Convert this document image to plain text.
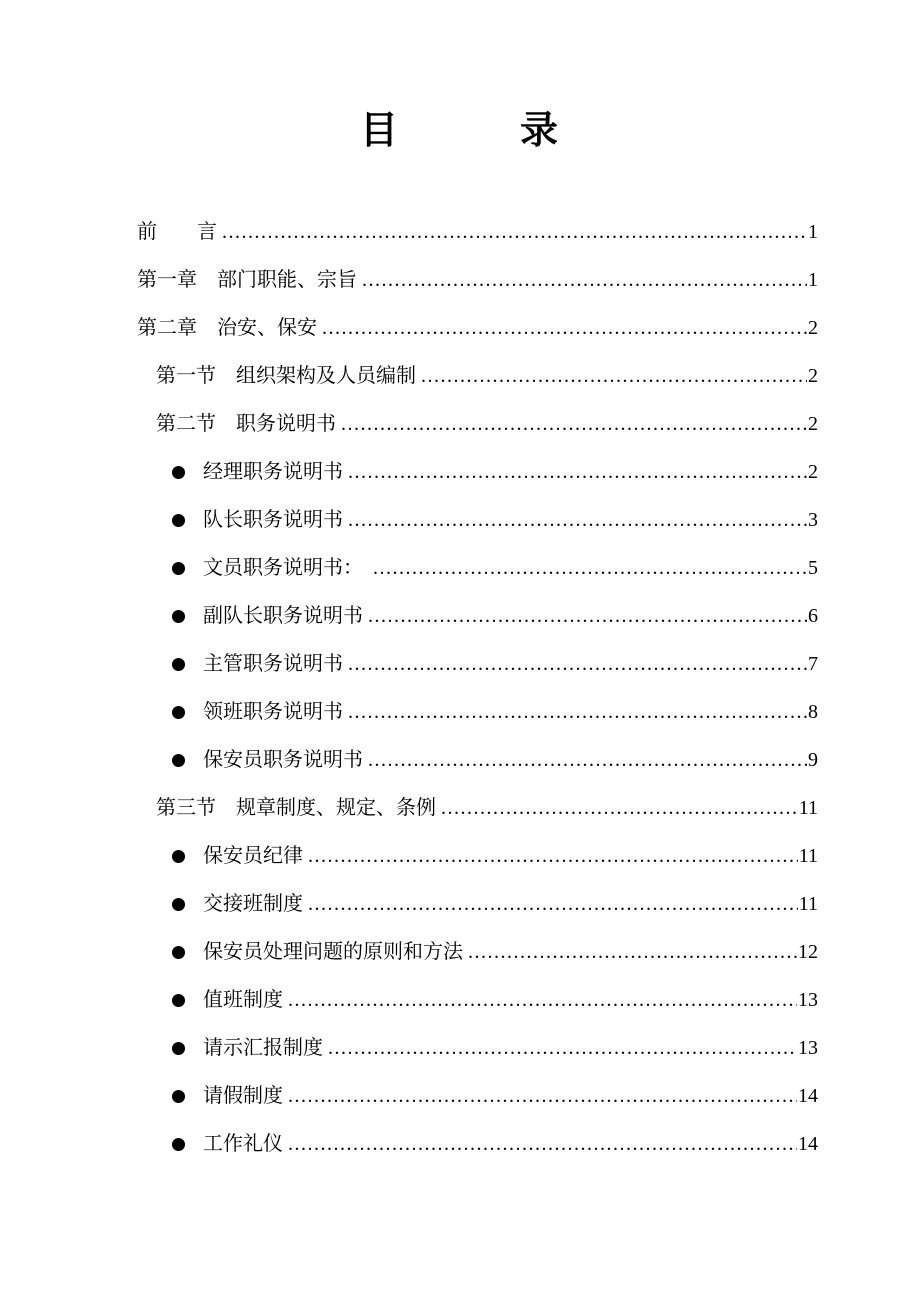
目　　　录
前　　言 .....	1
第一章　部门职能、宗旨 .....	1
第二章　治安、保安 .....	2
第一节　组织架构及人员编制 .....	2
第二节　职务说明书 .....	2
经理职务说明书 .....	2
队长职务说明书 .....	3
文员职务说明书： .....	5
副队长职务说明书 .....	6
主管职务说明书 .....	7
领班职务说明书 .....	8
保安员职务说明书 .....	9
第三节　规章制度、规定、条例 .....	11
保安员纪律 .....	11
交接班制度 .....	11
保安员处理问题的原则和方法 .....	12
值班制度 .....	13
请示汇报制度 .....	13
请假制度 .....	14
工作礼仪 .....	14
